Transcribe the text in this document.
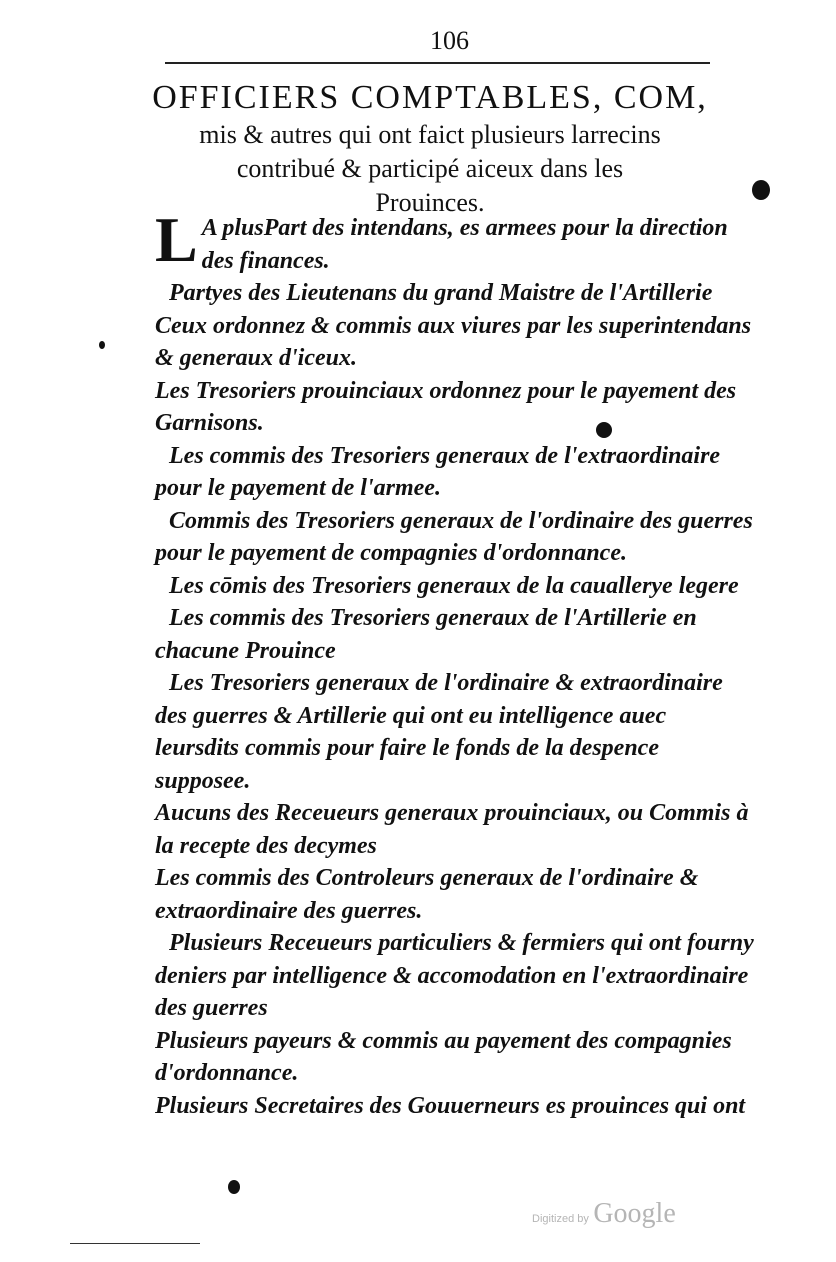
106
OFFICIERS COMPTABLES, COM,
mis & autres qui ont faict plusieurs larrecins
contribué & participé aiceux dans les
Prouinces.

LA plusPart des intendans, es armees pour la direction des finances.

Partyes des Lieutenans du grand Maistre de l'Artillerie

Ceux ordonnez & commis aux viures par les superintendans & generaux d'iceux.

Les Tresoriers prouinciaux ordonnez pour le payement des Garnisons.

Les commis des Tresoriers generaux de l'extraordinaire pour le payement de l'armee.

Commis des Tresoriers generaux de l'ordinaire des guerres pour le payement de compagnies d'ordonnance.

Les cōmis des Tresoriers generaux de la cauallerye legere

Les commis des Tresoriers generaux de l'Artillerie en chacune Prouince

Les Tresoriers generaux de l'ordinaire & extraordinaire des guerres & Artillerie qui ont eu intelligence auec leursdits commis pour faire le fonds de la despence supposee.

Aucuns des Receueurs generaux prouinciaux, ou Commis à la recepte des decymes

Les commis des Controleurs generaux de l'ordinaire & extraordinaire des guerres.

Plusieurs Receueurs particuliers & fermiers qui ont fourny deniers par intelligence & accomodation en l'extraordinaire des guerres

Plusieurs payeurs & commis au payement des compagnies d'ordonnance.

Plusieurs Secretaires des Gouuerneurs es prouinces qui ont

Digitized by Google
